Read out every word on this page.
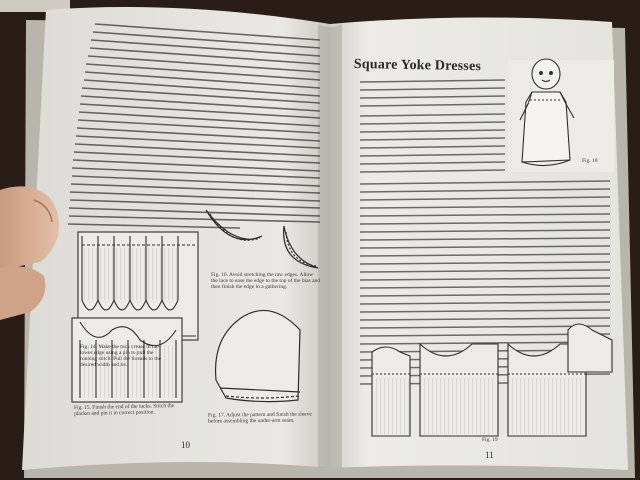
Square Yoke Dresses
10
11
Fig. 14. Make the tuck crease in the lower edge using a pin to pull the running stitch. Pull the threads to the desired width and tie.
Fig. 15. Finish the end of the tucks. Stitch the placket and pin it in correct position.
Fig. 16. Avoid stretching the raw edges. Allow the lace to ease the edge to the top of the bias and then finish the edge in a gathering.
Fig. 17. Adjust the pattern and finish the sleeve before assembling the under-arm seam.
Fig. 18
Fig. 19
